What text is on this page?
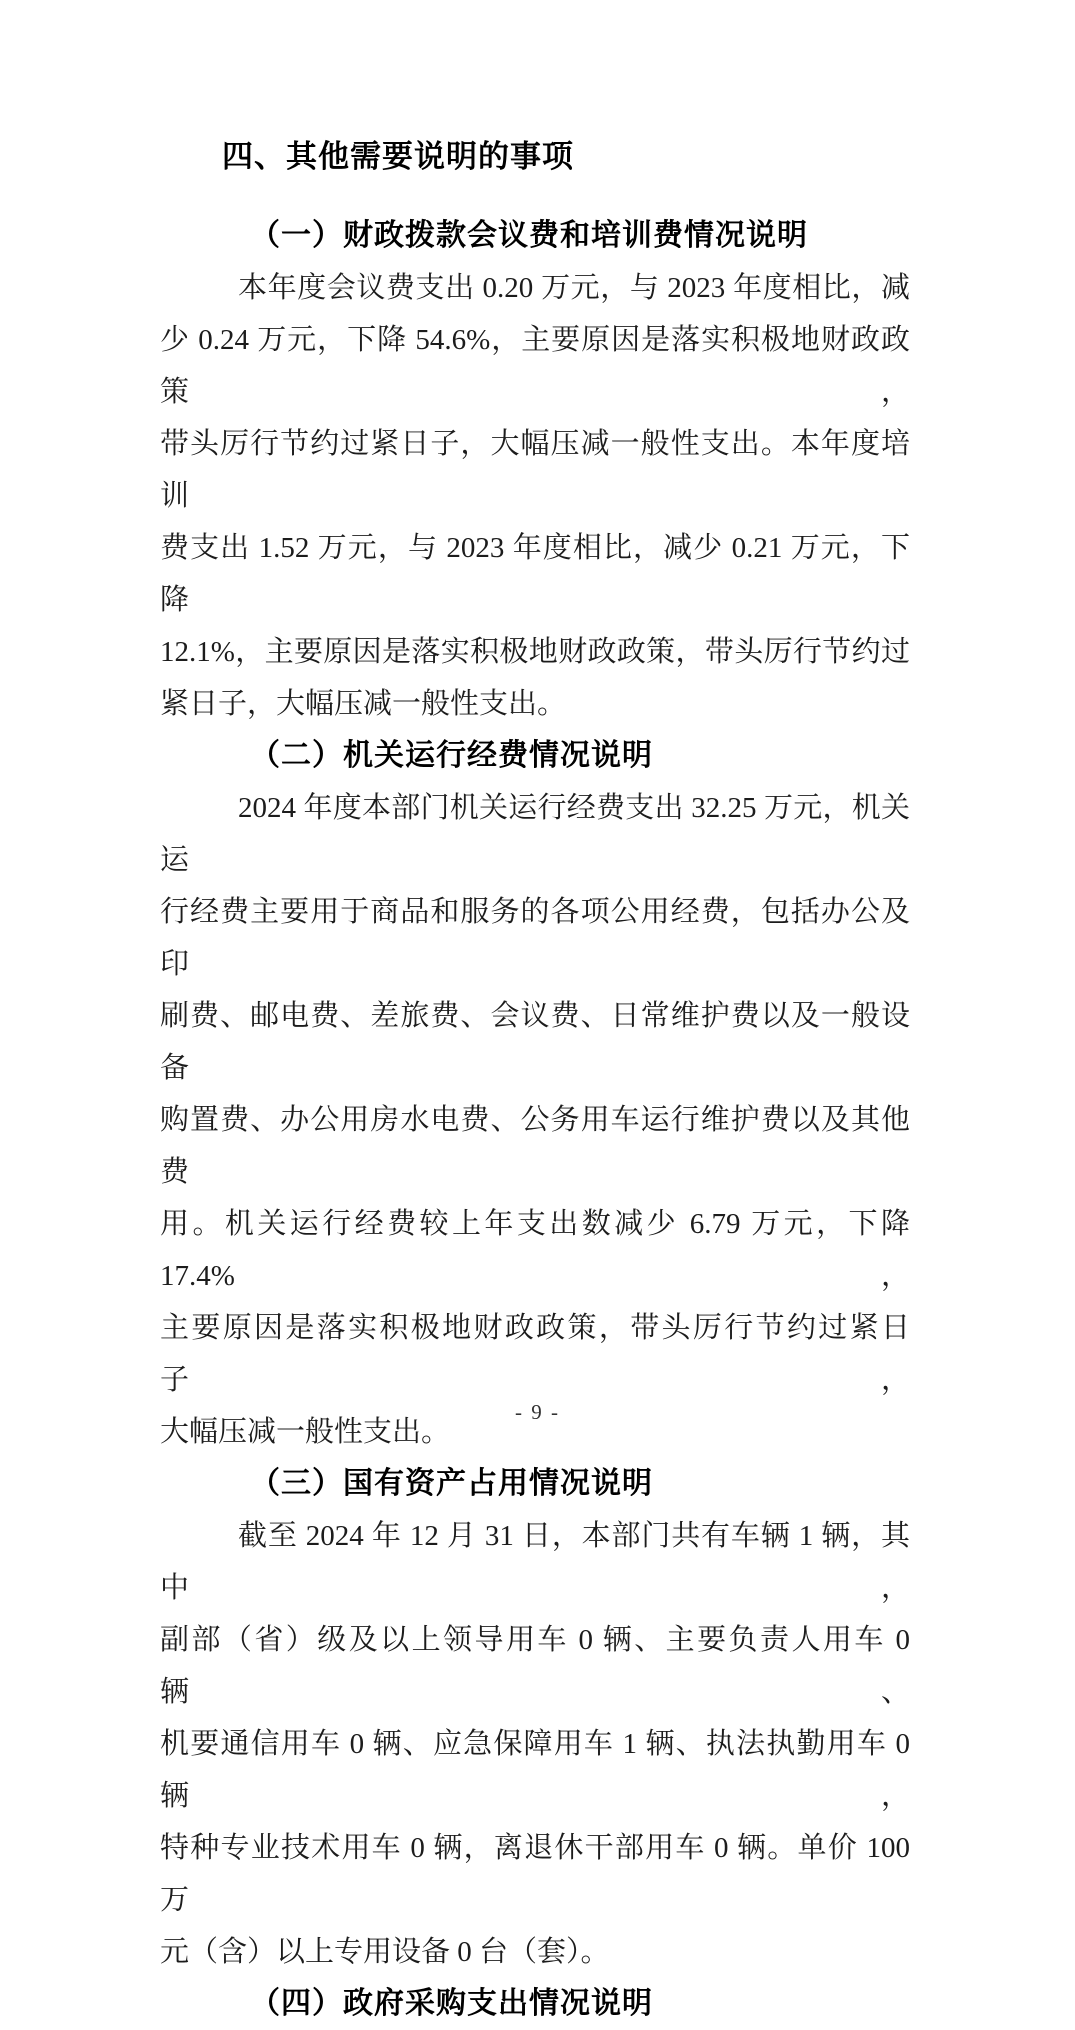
四、其他需要说明的事项
（一）财政拨款会议费和培训费情况说明
本年度会议费支出 0.20 万元，与 2023 年度相比，减
少 0.24 万元，下降 54.6%，主要原因是落实积极地财政政策，
带头厉行节约过紧日子，大幅压减一般性支出。本年度培训
费支出 1.52 万元，与 2023 年度相比，减少 0.21 万元，下降
12.1%，主要原因是落实积极地财政政策，带头厉行节约过
紧日子，大幅压减一般性支出。
（二）机关运行经费情况说明
2024 年度本部门机关运行经费支出 32.25 万元，机关运
行经费主要用于商品和服务的各项公用经费，包括办公及印
刷费、邮电费、差旅费、会议费、日常维护费以及一般设备
购置费、办公用房水电费、公务用车运行维护费以及其他费
用。机关运行经费较上年支出数减少 6.79 万元，下降 17.4%，
主要原因是落实积极地财政政策，带头厉行节约过紧日子，
大幅压减一般性支出。
（三）国有资产占用情况说明
截至 2024 年 12 月 31 日，本部门共有车辆 1 辆，其中，
副部（省）级及以上领导用车 0 辆、主要负责人用车 0 辆、
机要通信用车 0 辆、应急保障用车 1 辆、执法执勤用车 0 辆，
特种专业技术用车 0 辆，离退休干部用车 0 辆。单价 100 万
元（含）以上专用设备 0 台（套）。
（四）政府采购支出情况说明
- 9 -
